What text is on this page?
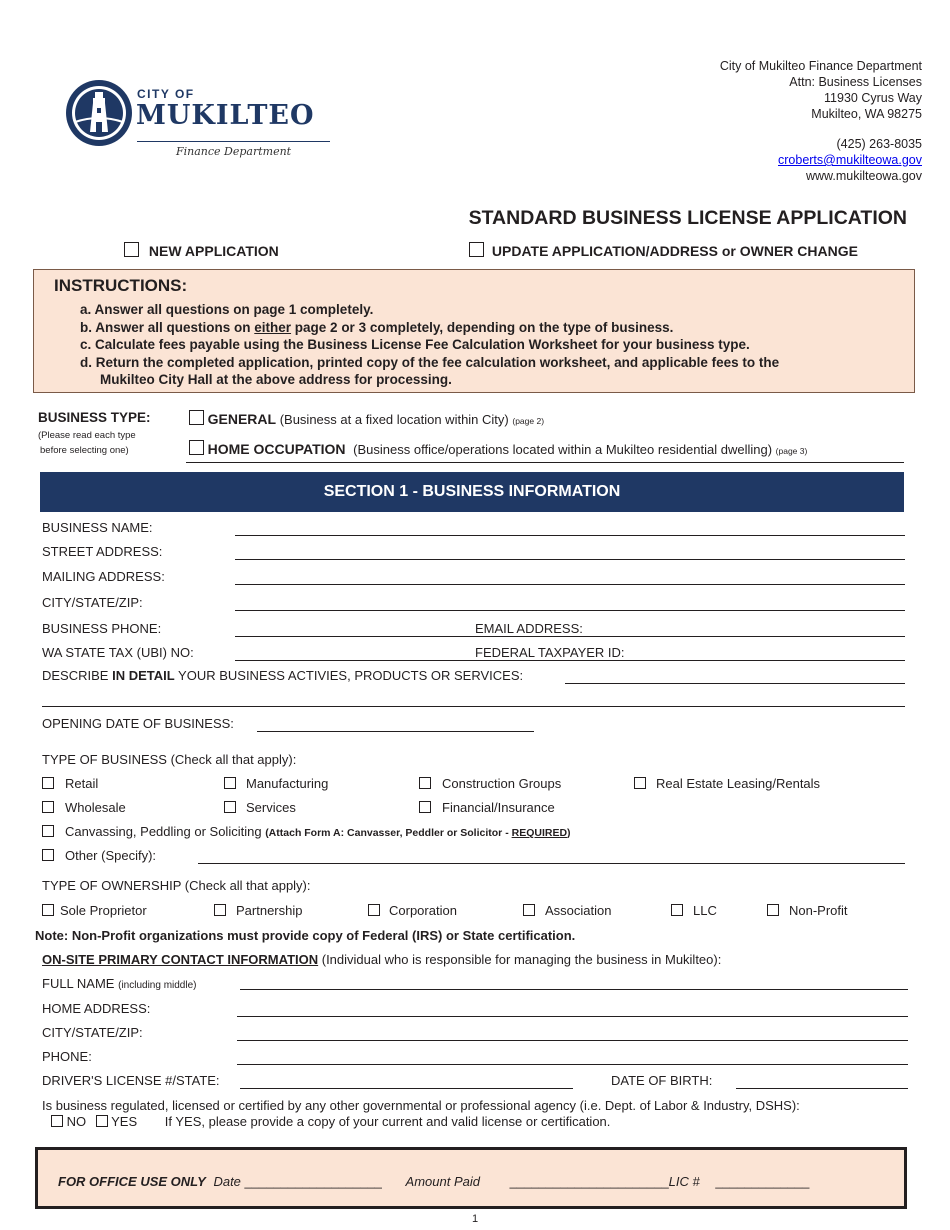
CITY OF
MUKILTEO
Finance Department
City of Mukilteo Finance Department
Attn: Business Licenses
11930 Cyrus Way
Mukilteo, WA 98275
(425) 263-8035
croberts@mukilteowa.gov
www.mukilteowa.gov
STANDARD BUSINESS LICENSE APPLICATION
NEW APPLICATION	UPDATE APPLICATION/ADDRESS or OWNER CHANGE
INSTRUCTIONS:
a. Answer all questions on page 1 completely.
b. Answer all questions on either page 2 or 3 completely, depending on the type of business.
c. Calculate fees payable using the Business License Fee Calculation Worksheet for your business type.
d. Return the completed application, printed copy of the fee calculation worksheet, and applicable fees to the
Mukilteo City Hall at the above address for processing.
BUSINESS TYPE:
(Please read each type
before selecting one)
GENERAL (Business at a fixed location within City) (page 2)
HOME OCCUPATION (Business office/operations located within a Mukilteo residential dwelling) (page 3)
SECTION 1 - BUSINESS INFORMATION
BUSINESS NAME:
STREET ADDRESS:
MAILING ADDRESS:
CITY/STATE/ZIP:
BUSINESS PHONE:	EMAIL ADDRESS:
WA STATE TAX (UBI) NO:	FEDERAL TAXPAYER ID:
DESCRIBE IN DETAIL YOUR BUSINESS ACTIVIES, PRODUCTS OR SERVICES:
OPENING DATE OF BUSINESS:
TYPE OF BUSINESS (Check all that apply):
Retail	Manufacturing	Construction Groups	Real Estate Leasing/Rentals
Wholesale	Services	Financial/Insurance
Canvassing, Peddling or Soliciting (Attach Form A: Canvasser, Peddler or Solicitor - REQUIRED)
Other (Specify):
TYPE OF OWNERSHIP (Check all that apply):
Sole Proprietor	Partnership	Corporation	Association	LLC	Non-Profit
Note: Non-Profit organizations must provide copy of Federal (IRS) or State certification.
ON-SITE PRIMARY CONTACT INFORMATION (Individual who is responsible for managing the business in Mukilteo):
FULL NAME (including middle)
HOME ADDRESS:
CITY/STATE/ZIP:
PHONE:
DRIVER'S LICENSE #/STATE:	DATE OF BIRTH:
Is business regulated, licensed or certified by any other governmental or professional agency (i.e. Dept. of Labor & Industry, DSHS):
NO YES If YES, please provide a copy of your current and valid license or certification.
FOR OFFICE USE ONLY Date ___________________ Amount Paid ______________________LIC # _____________
1
